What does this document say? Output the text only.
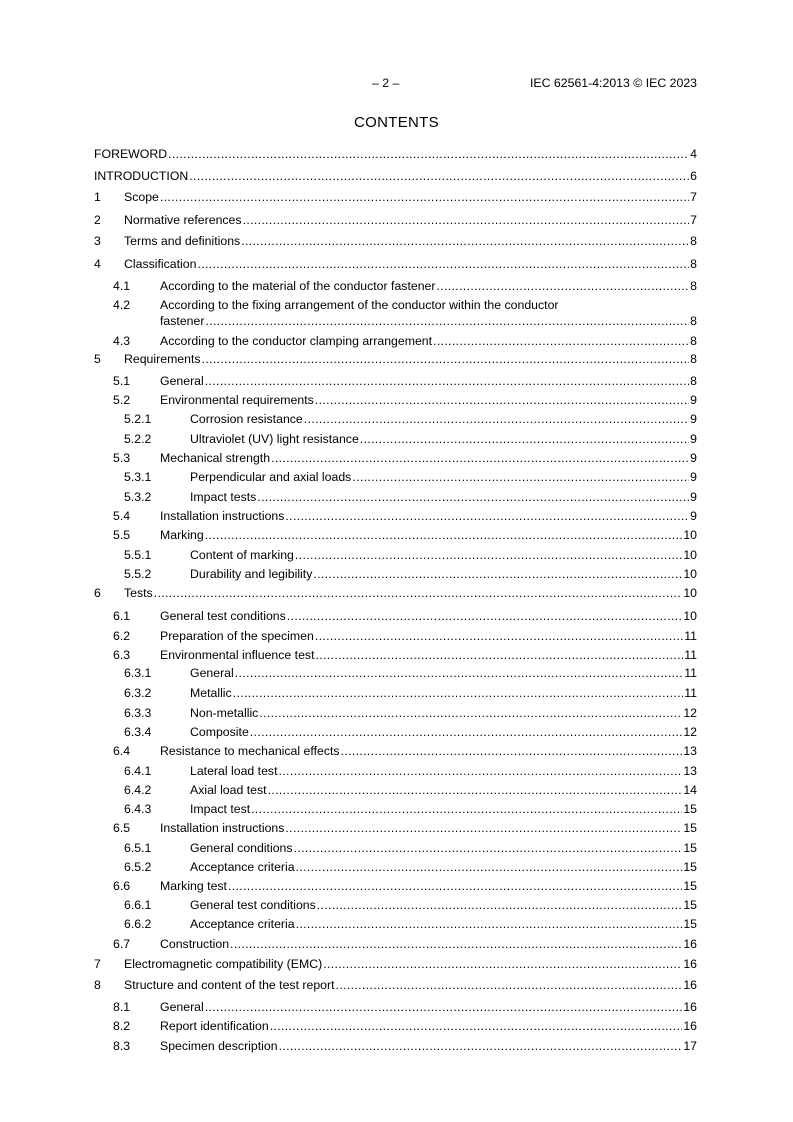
– 2 –	IEC 62561-4:2013 © IEC 2023
CONTENTS
FOREWORD .....	4
INTRODUCTION .....	6
1 Scope .....	7
2 Normative references .....	7
3 Terms and definitions .....	8
4 Classification .....	8
4.1 According to the material of the conductor fastener .....	8
4.2 According to the fixing arrangement of the conductor within the conductor
fastener .....	8
4.3 According to the conductor clamping arrangement .....	8
5 Requirements .....	8
5.1 General .....	8
5.2 Environmental requirements .....	9
5.2.1	Corrosion resistance .....	9
5.2.2	Ultraviolet (UV) light resistance .....	9
5.3 Mechanical strength .....	9
5.3.1	Perpendicular and axial loads .....	9
5.3.2	Impact tests .....	9
5.4 Installation instructions .....	9
5.5 Marking .....	10
5.5.1	Content of marking .....	10
5.5.2	Durability and legibility .....	10
6 Tests .....	10
6.1 General test conditions .....	10
6.2 Preparation of the specimen .....	11
6.3 Environmental influence test .....	11
6.3.1	General .....	11
6.3.2	Metallic .....	11
6.3.3	Non-metallic .....	12
6.3.4	Composite .....	12
6.4 Resistance to mechanical effects .....	13
6.4.1	Lateral load test .....	13
6.4.2	Axial load test .....	14
6.4.3	Impact test .....	15
6.5 Installation instructions .....	15
6.5.1	General conditions .....	15
6.5.2	Acceptance criteria .....	15
6.6 Marking test .....	15
6.6.1	General test conditions .....	15
6.6.2	Acceptance criteria .....	15
6.7 Construction .....	16
7 Electromagnetic compatibility (EMC) .....	16
8 Structure and content of the test report .....	16
8.1 General .....	16
8.2 Report identification .....	16
8.3 Specimen description .....	17
